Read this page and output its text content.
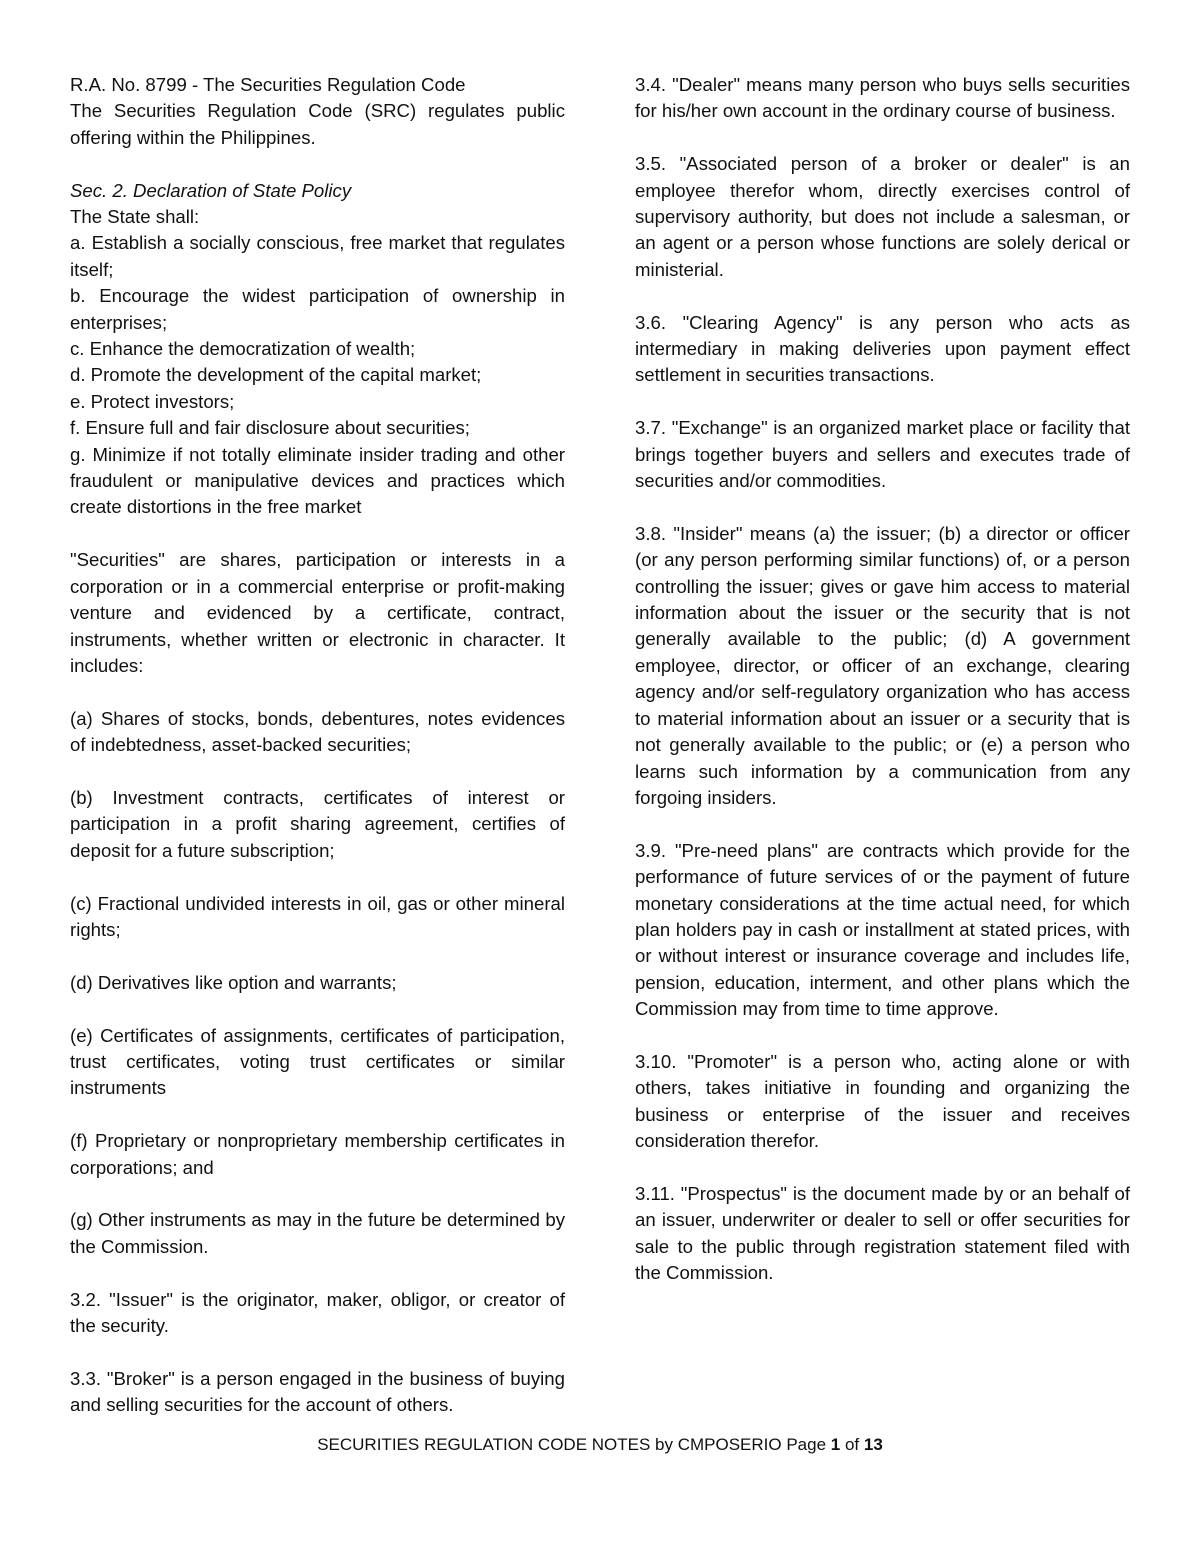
R.A. No. 8799 - The Securities Regulation Code

The Securities Regulation Code (SRC) regulates public offering within the Philippines.

Sec. 2. Declaration of State Policy
The State shall:

a. Establish a socially conscious, free market that regulates itself;

b. Encourage the widest participation of ownership in enterprises;

c. Enhance the democratization of wealth;

d. Promote the development of the capital market;

e. Protect investors;

f. Ensure full and fair disclosure about securities;

g. Minimize if not totally eliminate insider trading and other fraudulent or manipulative devices and practices which create distortions in the free market

"Securities" are shares, participation or interests in a corporation or in a commercial enterprise or profit-making venture and evidenced by a certificate, contract, instruments, whether written or electronic in character. It includes:

(a) Shares of stocks, bonds, debentures, notes evidences of indebtedness, asset-backed securities;

(b) Investment contracts, certificates of interest or participation in a profit sharing agreement, certifies of deposit for a future subscription;

(c) Fractional undivided interests in oil, gas or other mineral rights;

(d) Derivatives like option and warrants;

(e) Certificates of assignments, certificates of participation, trust certificates, voting trust certificates or similar instruments

(f) Proprietary or nonproprietary membership certificates in corporations; and

(g) Other instruments as may in the future be determined by the Commission.

3.2. "Issuer" is the originator, maker, obligor, or creator of the security.

3.3. "Broker" is a person engaged in the business of buying and selling securities for the account of others.

3.4. "Dealer" means many person who buys sells securities for his/her own account in the ordinary course of business.

3.5. "Associated person of a broker or dealer" is an employee therefor whom, directly exercises control of supervisory authority, but does not include a salesman, or an agent or a person whose functions are solely derical or ministerial.

3.6. "Clearing Agency" is any person who acts as intermediary in making deliveries upon payment effect settlement in securities transactions.

3.7. "Exchange" is an organized market place or facility that brings together buyers and sellers and executes trade of securities and/or commodities.

3.8. "Insider" means (a) the issuer; (b) a director or officer (or any person performing similar functions) of, or a person controlling the issuer; gives or gave him access to material information about the issuer or the security that is not generally available to the public; (d) A government employee, director, or officer of an exchange, clearing agency and/or self-regulatory organization who has access to material information about an issuer or a security that is not generally available to the public; or (e) a person who learns such information by a communication from any forgoing insiders.

3.9. "Pre-need plans" are contracts which provide for the performance of future services of or the payment of future monetary considerations at the time actual need, for which plan holders pay in cash or installment at stated prices, with or without interest or insurance coverage and includes life, pension, education, interment, and other plans which the Commission may from time to time approve.

3.10. "Promoter" is a person who, acting alone or with others, takes initiative in founding and organizing the business or enterprise of the issuer and receives consideration therefor.

3.11. "Prospectus" is the document made by or an behalf of an issuer, underwriter or dealer to sell or offer securities for sale to the public through registration statement filed with the Commission.

SECURITIES REGULATION CODE NOTES by CMPOSERIO Page 1 of 13
